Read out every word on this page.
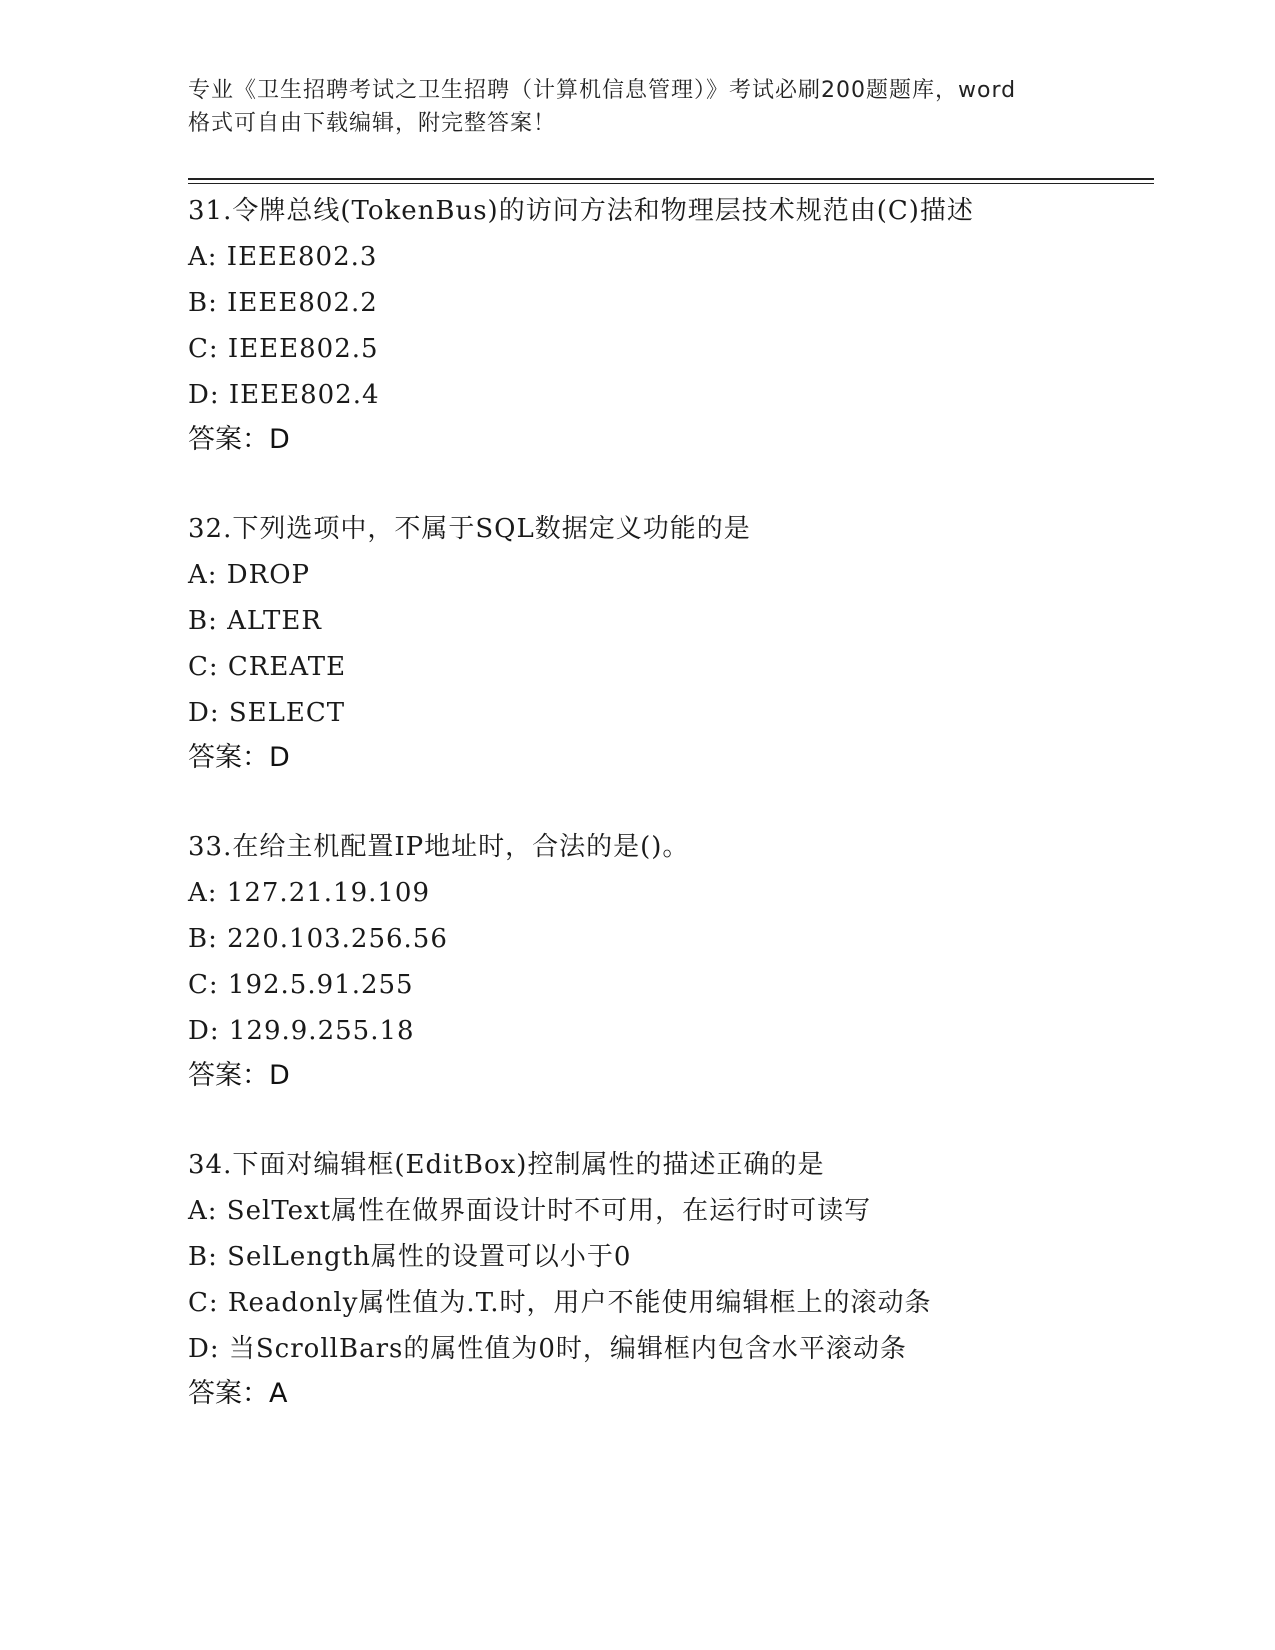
专业《卫生招聘考试之卫生招聘（计算机信息管理）》考试必刷200题题库，word
格式可自由下载编辑，附完整答案！
31.令牌总线(TokenBus)的访问方法和物理层技术规范由(C)描述
A: IEEE802.3
B: IEEE802.2
C: IEEE802.5
D: IEEE802.4
答案：D
32.下列选项中，不属于SQL数据定义功能的是
A: DROP
B: ALTER
C: CREATE
D: SELECT
答案：D
33.在给主机配置IP地址时，合法的是()。
A: 127.21.19.109
B: 220.103.256.56
C: 192.5.91.255
D: 129.9.255.18
答案：D
34.下面对编辑框(EditBox)控制属性的描述正确的是
A: SelText属性在做界面设计时不可用，在运行时可读写
B: SelLength属性的设置可以小于0
C: Readonly属性值为.T.时，用户不能使用编辑框上的滚动条
D: 当ScrollBars的属性值为0时，编辑框内包含水平滚动条
答案：A
